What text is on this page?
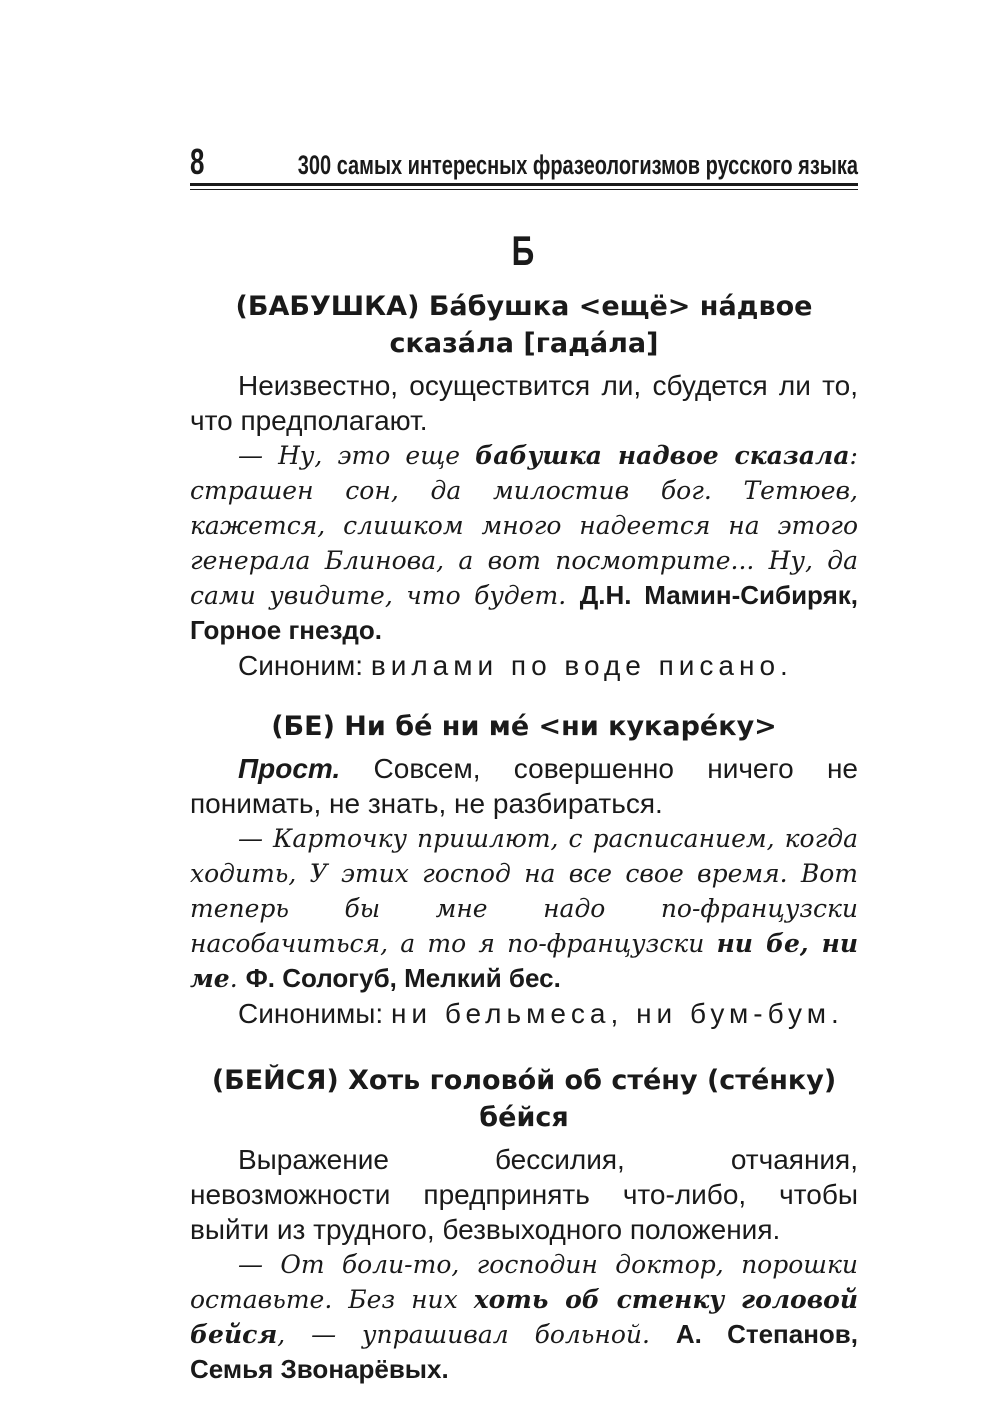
8	300 самых интересных фразеологизмов русского языка
Б

(БАБУШКА) Ба́бушка <ещё> на́двое сказа́ла [гада́ла]

Неизвестно, осуществится ли, сбудется ли то, что предполагают.

— Ну, это еще бабушка надвое сказала: страшен сон, да милостив бог. Тетюев, кажется, слишком много надеется на этого генерала Блинова, а вот посмотрите... Ну, да сами увидите, что будет. Д.Н. Мамин-Сибиряк, Горное гнездо.

Синоним: вилами по воде писано.

(БЕ) Ни бе́ ни ме́ <ни кукаре́ку>

Прост. Совсем, совершенно ничего не понимать, не знать, не разбираться.

— Карточку пришлют, с расписанием, когда ходить, У этих господ на все свое время. Вот теперь бы мне надо по-французски насобачиться, а то я по-французски ни бе, ни ме. Ф. Сологуб, Мелкий бес.

Синонимы: ни бельмеса, ни бум-бум.

(БЕЙСЯ) Хоть голово́й об сте́ну (сте́нку) бе́йся

Выражение бессилия, отчаяния, невозможности предпринять что-либо, чтобы выйти из трудного, безвыходного положения.

— От боли-то, господин доктор, порошки оставьте. Без них хоть об стенку головой бейся, — упрашивал больной. А. Степанов, Семья Звонарёвых.
